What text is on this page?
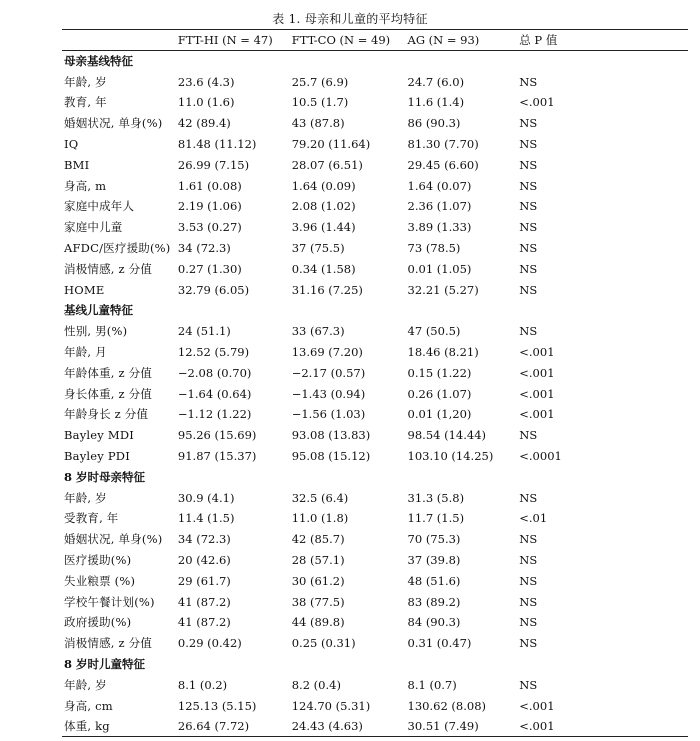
表 1. 母亲和儿童的平均特征
	FTT-HI (N = 47)	FTT-CO (N = 49)	AG (N = 93)	总 P 值
母亲基线特征				
年龄, 岁	23.6 (4.3)	25.7 (6.9)	24.7 (6.0)	NS
教育, 年	11.0 (1.6)	10.5 (1.7)	11.6 (1.4)	<.001
婚姻状况, 单身(%)	42 (89.4)	43 (87.8)	86 (90.3)	NS
IQ	81.48 (11.12)	79.20 (11.64)	81.30 (7.70)	NS
BMI	26.99 (7.15)	28.07 (6.51)	29.45 (6.60)	NS
身高, m	1.61 (0.08)	1.64 (0.09)	1.64 (0.07)	NS
家庭中成年人	2.19 (1.06)	2.08 (1.02)	2.36 (1.07)	NS
家庭中儿童	3.53 (0.27)	3.96 (1.44)	3.89 (1.33)	NS
AFDC/医疗援助(%)	34 (72.3)	37 (75.5)	73 (78.5)	NS
消极情感, z 分值	0.27 (1.30)	0.34 (1.58)	0.01 (1.05)	NS
HOME	32.79 (6.05)	31.16 (7.25)	32.21 (5.27)	NS
基线儿童特征				
性别, 男(%)	24 (51.1)	33 (67.3)	47 (50.5)	NS
年龄, 月	12.52 (5.79)	13.69 (7.20)	18.46 (8.21)	<.001
年龄体重, z 分值	−2.08 (0.70)	−2.17 (0.57)	0.15 (1.22)	<.001
身长体重, z 分值	−1.64 (0.64)	−1.43 (0.94)	0.26 (1.07)	<.001
年龄身长 z 分值	−1.12 (1.22)	−1.56 (1.03)	0.01 (1,20)	<.001
Bayley MDI	95.26 (15.69)	93.08 (13.83)	98.54 (14.44)	NS
Bayley PDI	91.87 (15.37)	95.08 (15.12)	103.10 (14.25)	<.0001
8 岁时母亲特征				
年龄, 岁	30.9 (4.1)	32.5 (6.4)	31.3 (5.8)	NS
受教育, 年	11.4 (1.5)	11.0 (1.8)	11.7 (1.5)	<.01
婚姻状况, 单身(%)	34 (72.3)	42 (85.7)	70 (75.3)	NS
医疗援助(%)	20 (42.6)	28 (57.1)	37 (39.8)	NS
失业粮票 (%)	29 (61.7)	30 (61.2)	48 (51.6)	NS
学校午餐计划(%)	41 (87.2)	38 (77.5)	83 (89.2)	NS
政府援助(%)	41 (87.2)	44 (89.8)	84 (90.3)	NS
消极情感, z 分值	0.29 (0.42)	0.25 (0.31)	0.31 (0.47)	NS
8 岁时儿童特征				
年龄, 岁	8.1 (0.2)	8.2 (0.4)	8.1 (0.7)	NS
身高, cm	125.13 (5.15)	124.70 (5.31)	130.62 (8.08)	<.001
体重, kg	26.64 (7.72)	24.43 (4.63)	30.51 (7.49)	<.001
